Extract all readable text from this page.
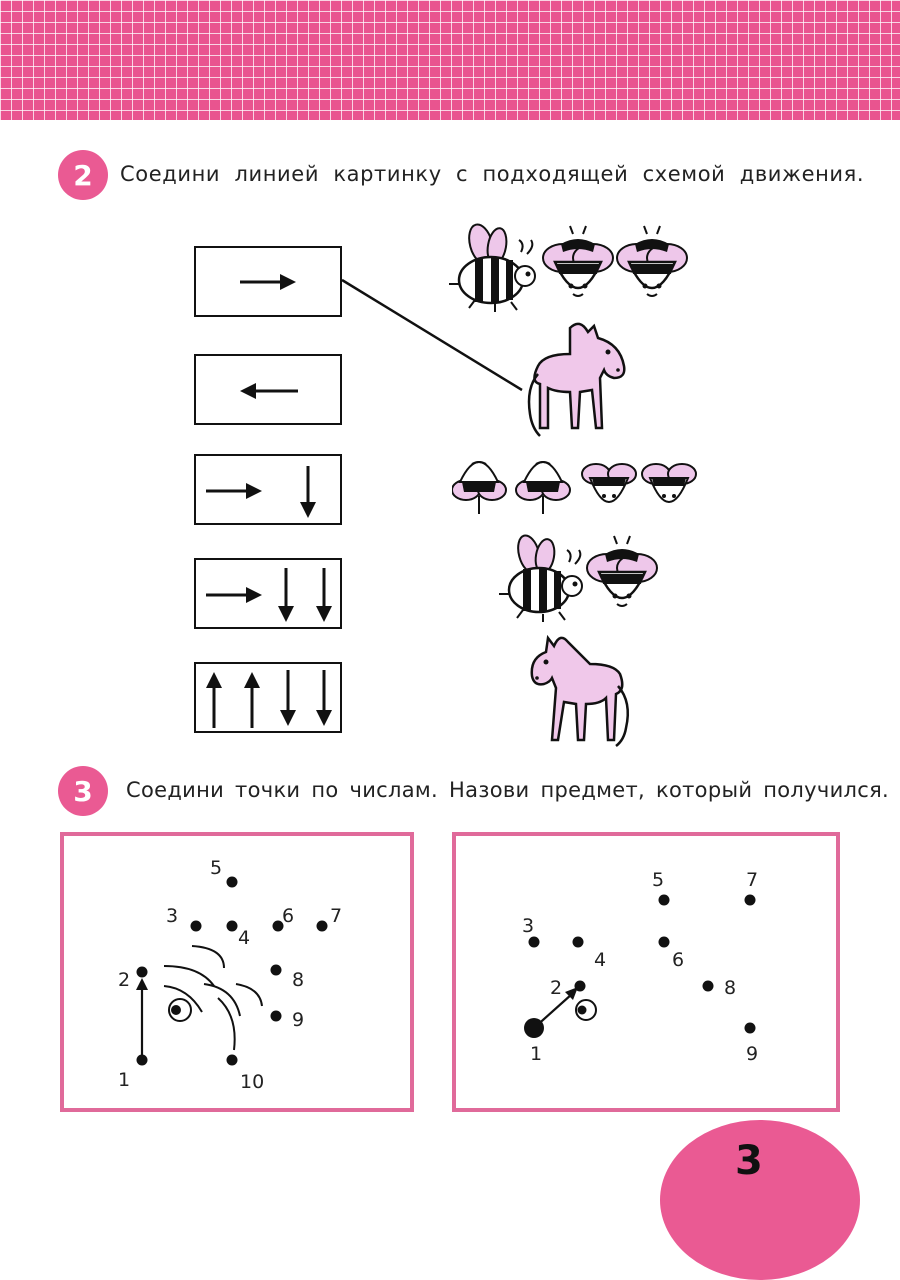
2 Соедини линией картинку с подходящей схемой движения.
3 Соедини точки по числам. Назови предмет, который получился.
1
2
3
4
5
6 7
8
9
10
1
2
3
4
5
6
7
8
9
3
